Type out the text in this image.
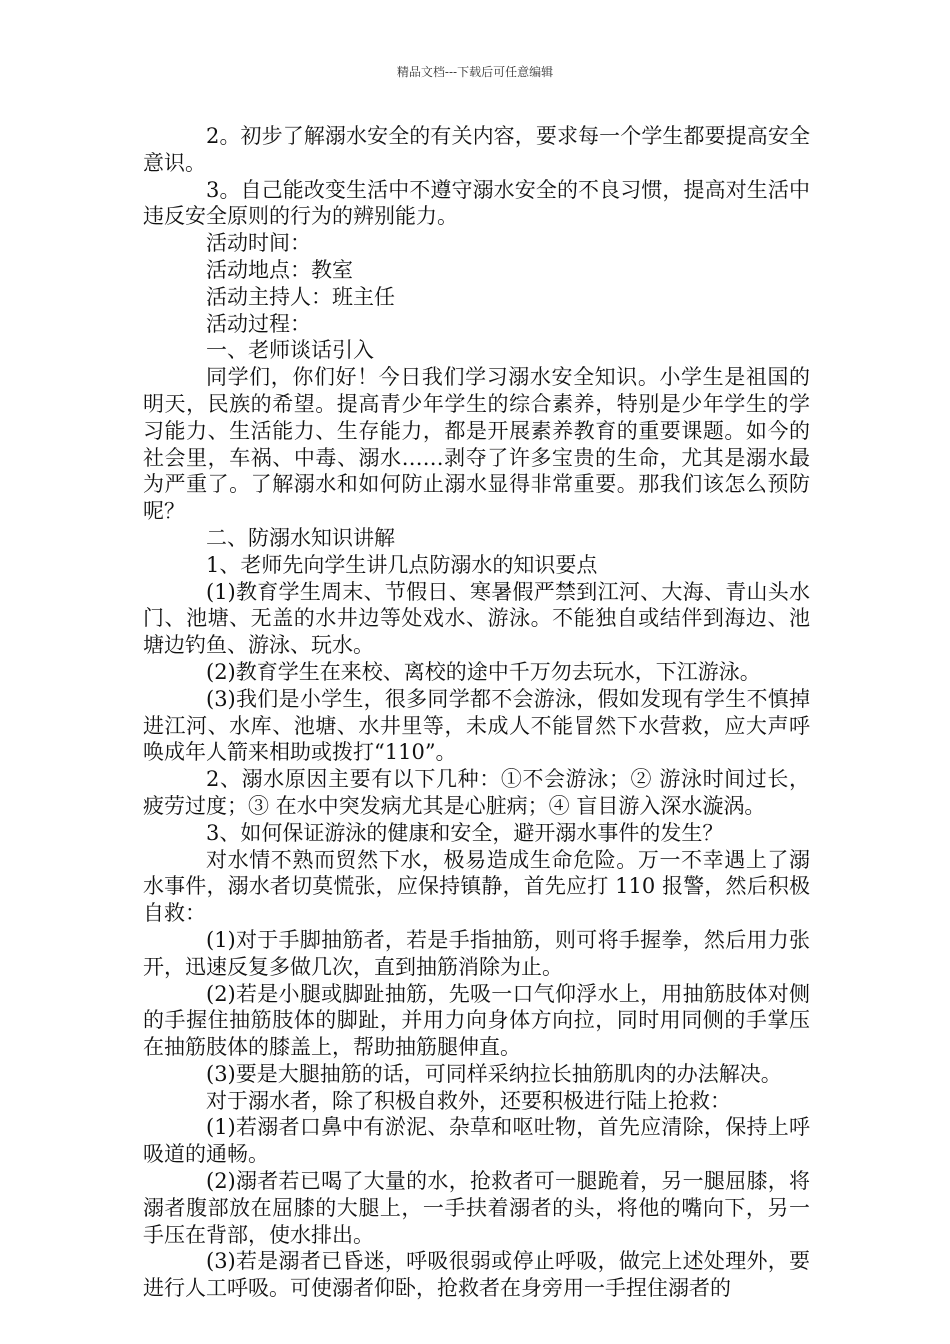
精品文档---下载后可任意编辑

2。初步了解溺水安全的有关内容，要求每一个学生都要提高安全意识。

3。自己能改变生活中不遵守溺水安全的不良习惯，提高对生活中违反安全原则的行为的辨别能力。

活动时间：

活动地点：教室

活动主持人：班主任

活动过程：

一、老师谈话引入

同学们，你们好！今日我们学习溺水安全知识。小学生是祖国的明天，民族的希望。提高青少年学生的综合素养，特别是少年学生的学习能力、生活能力、生存能力，都是开展素养教育的重要课题。如今的社会里，车祸、中毒、溺水……剥夺了许多宝贵的生命，尤其是溺水最为严重了。了解溺水和如何防止溺水显得非常重要。那我们该怎么预防呢？

二、防溺水知识讲解

1、老师先向学生讲几点防溺水的知识要点

(1)教育学生周末、节假日、寒暑假严禁到江河、大海、青山头水门、池塘、无盖的水井边等处戏水、游泳。不能独自或结伴到海边、池塘边钓鱼、游泳、玩水。

(2)教育学生在来校、离校的途中千万勿去玩水，下江游泳。

(3)我们是小学生，很多同学都不会游泳，假如发现有学生不慎掉进江河、水库、池塘、水井里等，未成人不能冒然下水营救，应大声呼唤成年人箭来相助或拨打“110”。

2、溺水原因主要有以下几种：①不会游泳；② 游泳时间过长，疲劳过度；③ 在水中突发病尤其是心脏病；④ 盲目游入深水漩涡。

3、如何保证游泳的健康和安全，避开溺水事件的发生？

对水情不熟而贸然下水，极易造成生命危险。万一不幸遇上了溺水事件，溺水者切莫慌张，应保持镇静，首先应打 110 报警，然后积极自救：

(1)对于手脚抽筋者，若是手指抽筋，则可将手握拳，然后用力张开，迅速反复多做几次，直到抽筋消除为止。

(2)若是小腿或脚趾抽筋，先吸一口气仰浮水上，用抽筋肢体对侧的手握住抽筋肢体的脚趾，并用力向身体方向拉，同时用同侧的手掌压在抽筋肢体的膝盖上，帮助抽筋腿伸直。

(3)要是大腿抽筋的话，可同样采纳拉长抽筋肌肉的办法解决。

对于溺水者，除了积极自救外，还要积极进行陆上抢救：

(1)若溺者口鼻中有淤泥、杂草和呕吐物，首先应清除，保持上呼吸道的通畅。

(2)溺者若已喝了大量的水，抢救者可一腿跪着，另一腿屈膝，将溺者腹部放在屈膝的大腿上，一手扶着溺者的头，将他的嘴向下，另一手压在背部，使水排出。

(3)若是溺者已昏迷，呼吸很弱或停止呼吸，做完上述处理外，要进行人工呼吸。可使溺者仰卧，抢救者在身旁用一手捏住溺者的
